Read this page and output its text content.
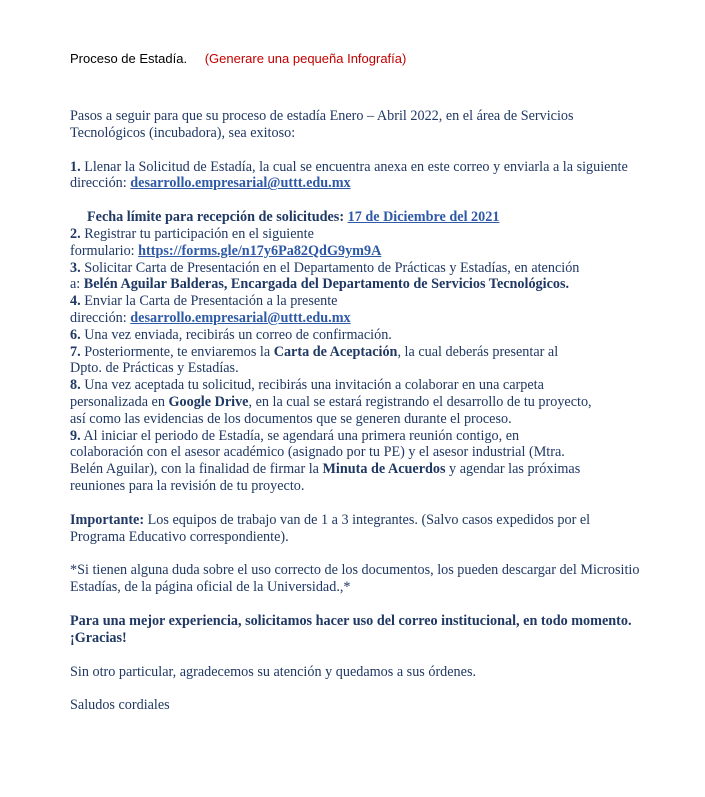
Proceso de Estadía. (Generare una pequeña Infografía)

Pasos a seguir para que su proceso de estadía Enero – Abril 2022, en el área de Servicios Tecnológicos (incubadora), sea exitoso:

1. Llenar la Solicitud de Estadía, la cual se encuentra anexa en este correo y enviarla a la siguiente
dirección: desarrollo.empresarial@uttt.edu.mx

Fecha límite para recepción de solicitudes: 17 de Diciembre del 2021

2. Registrar tu participación en el siguiente
formulario: https://forms.gle/n17y6Pa82QdG9ym9A

3. Solicitar Carta de Presentación en el Departamento de Prácticas y Estadías, en atención
a: Belén Aguilar Balderas, Encargada del Departamento de Servicios Tecnológicos.

4. Enviar la Carta de Presentación a la presente
dirección: desarrollo.empresarial@uttt.edu.mx

6. Una vez enviada, recibirás un correo de confirmación.

7. Posteriormente, te enviaremos la Carta de Aceptación, la cual deberás presentar al
Dpto. de Prácticas y Estadías.

8. Una vez aceptada tu solicitud, recibirás una invitación a colaborar en una carpeta
personalizada en Google Drive, en la cual se estará registrando el desarrollo de tu proyecto,
así como las evidencias de los documentos que se generen durante el proceso.

9. Al iniciar el periodo de Estadía, se agendará una primera reunión contigo, en
colaboración con el asesor académico (asignado por tu PE) y el asesor industrial (Mtra.
Belén Aguilar), con la finalidad de firmar la Minuta de Acuerdos y agendar las próximas
reuniones para la revisión de tu proyecto.

Importante: Los equipos de trabajo van de 1 a 3 integrantes. (Salvo casos expedidos por el Programa Educativo correspondiente).

*Si tienen alguna duda sobre el uso correcto de los documentos, los pueden descargar del Micrositio Estadías, de la página oficial de la Universidad.,*

Para una mejor experiencia, solicitamos hacer uso del correo institucional, en todo momento. ¡Gracias!

Sin otro particular, agradecemos su atención y quedamos a sus órdenes.

Saludos cordiales
